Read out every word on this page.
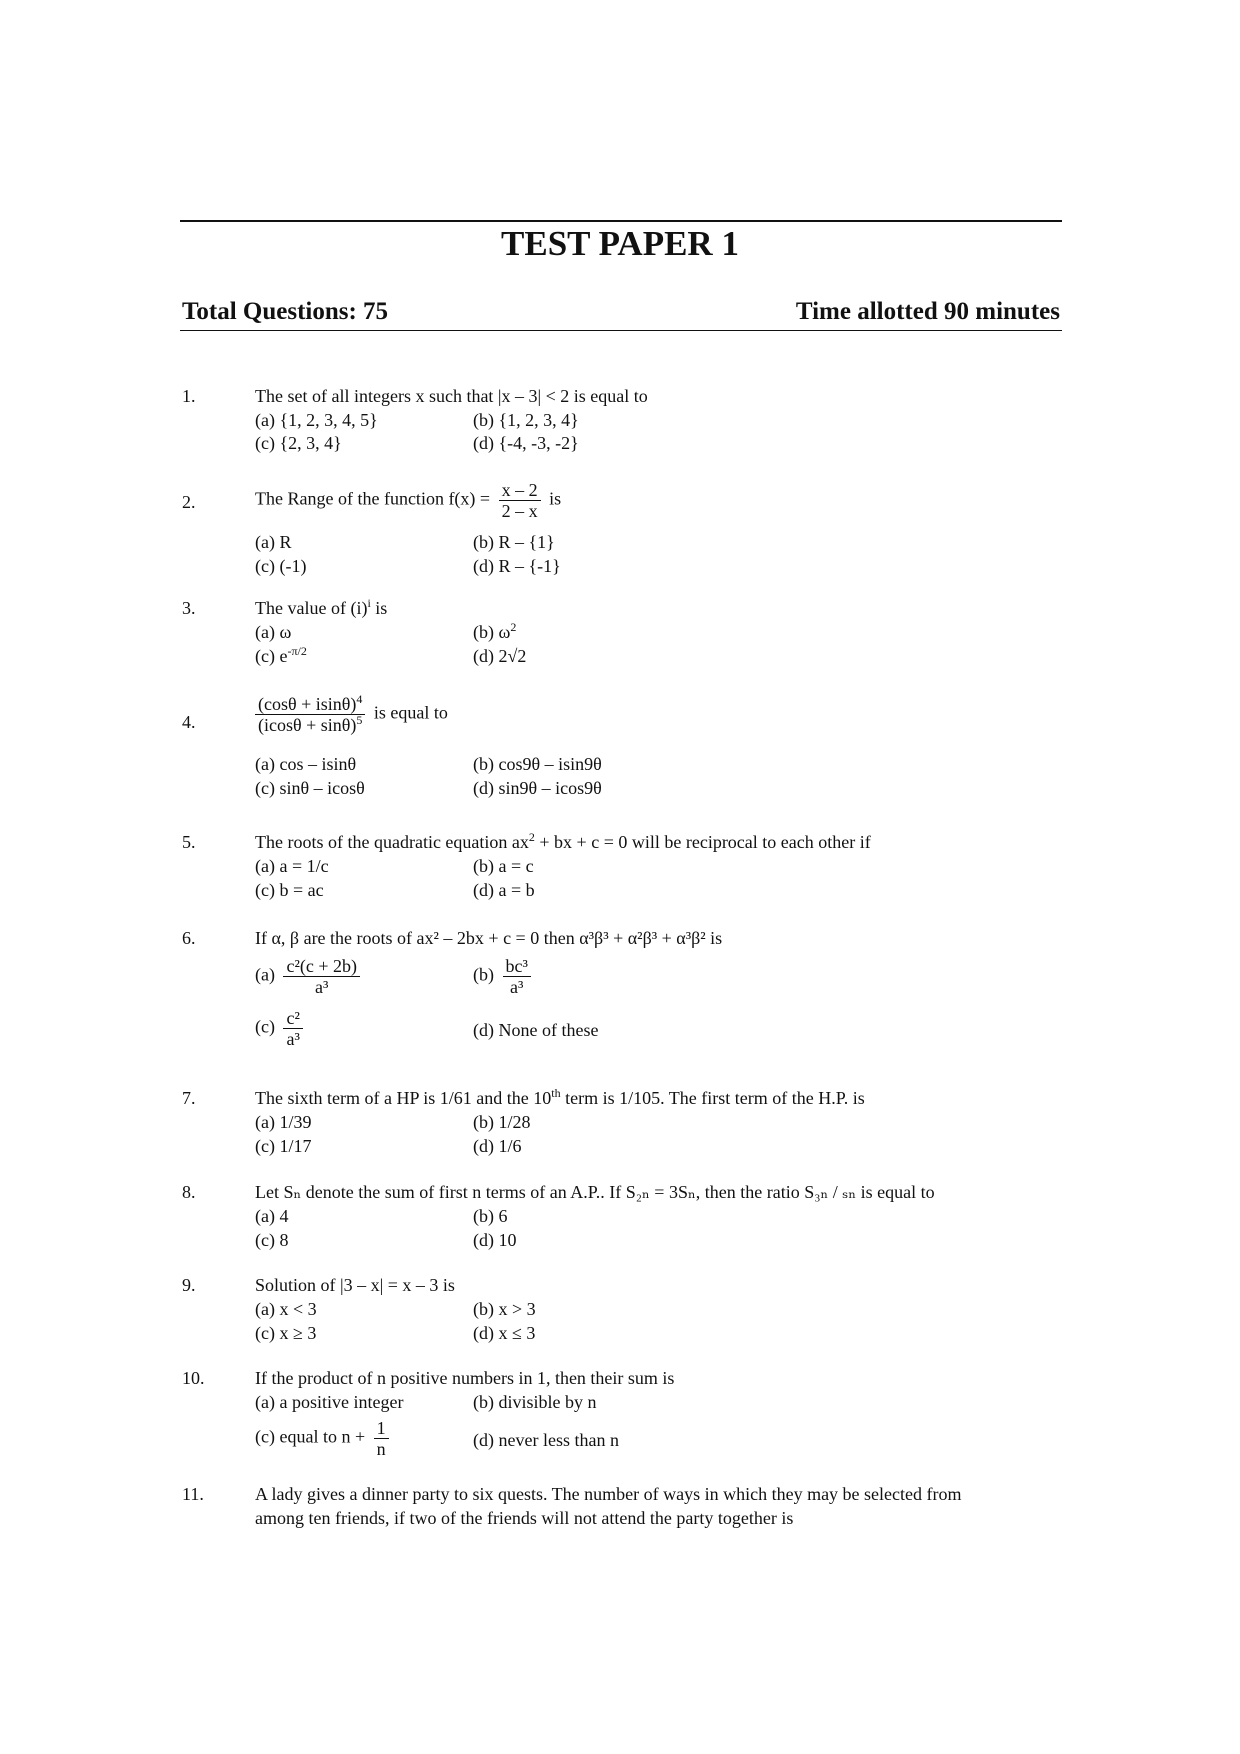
TEST PAPER 1
Total Questions: 75	Time allotted 90 minutes
1.	The set of all integers x such that |x – 3| < 2 is equal to
(a) {1, 2, 3, 4, 5}	(b) {1, 2, 3, 4}
(c) {2, 3, 4}	(d) {-4, -3, -2}
2.	The Range of the function $f(x) = \frac{x - 2}{2 - x}$ is
(a) R	(b) R – {1}
(c) (-1)	(d) R – {-1}
3.	The value of $(i)^i$ is
(a) ω	(b) $\omega^2$
(c) $e^{-\pi/2}$	(d) 2√2
4.	$\frac{(\cos\theta + isin\theta)^4}{(icos\theta + \sin\theta)^5}$ is equal to
(a) cos – isinθ	(b) cos9θ – isin9θ
(c) sinθ – icosθ	(d) sin9θ – icos9θ
5.	The roots of the quadratic equation $ax^2$ + bx + c = 0 will be reciprocal to each other if
(a) a = 1/c	(b) a = c
(c) b = ac	(d) a = b
6.	If α, β are the roots of ax² – 2bx + c = 0 then α³β³ + α²β³ + α³β² is
$(a) \frac{\text{c²(c + 2b)}}{\text{a³}}$	$(b) \frac{\text{bc³}}{\text{a³}}$
$(c) \frac{\text{c²}}{\text{a³}}$	(d) None of these
7.	The sixth term of a HP is 1/61 and the 10th term is 1/105. The first term of the H.P. is
(a) 1/39	(b) 1/28
(c) 1/17	(d) 1/6
8.	Let Sₙ denote the sum of first n terms of an A.P.. If S₂ₙ = 3Sₙ, then the ratio S₃ₙ / ₛₙ is equal to
(a) 4	(b) 6
(c) 8	(d) 10
9.	Solution of |3 – x| = x – 3 is
(a) x < 3	(b) x > 3
(c) x ≥ 3	(d) x ≤ 3
10.	If the product of n positive numbers in 1, then their sum is
(a) a positive integer	(b) divisible by n
(c) equal to $n + \frac{1}{n}$	(d) never less than n
11.	A lady gives a dinner party to six quests. The number of ways in which they may be selected from
among ten friends, if two of the friends will not attend the party together is
